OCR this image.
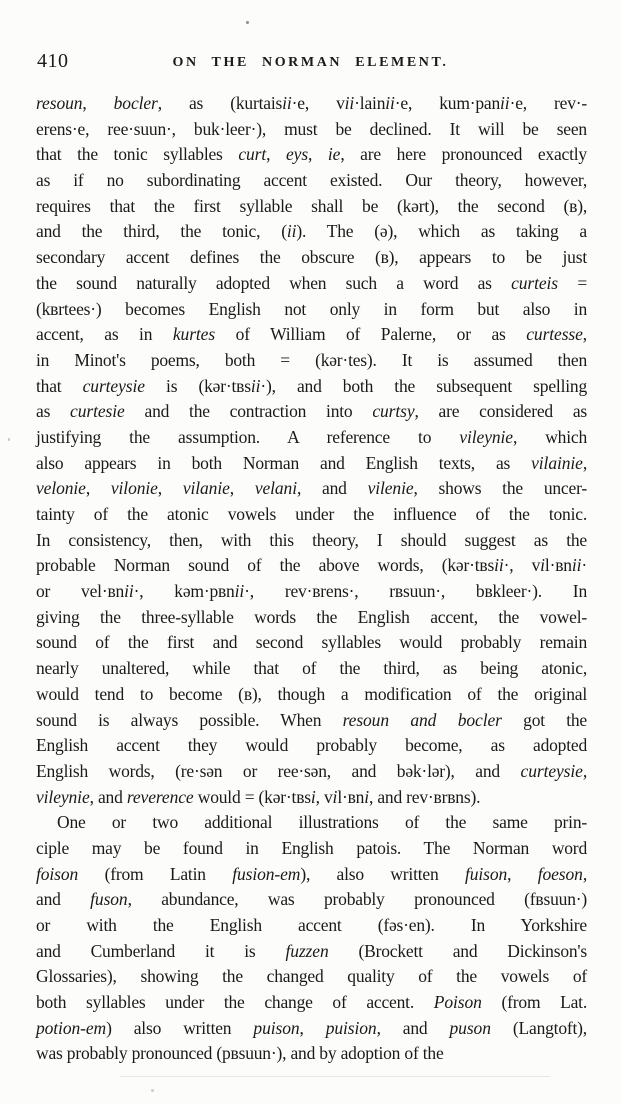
410	ON THE NORMAN ELEMENT.
resoun, bocler, as (kurtaisii·e, vii·lainii·e, kum·panii·e, rev·-
erens·e, ree·suun·, buk·leer·), must be declined. It will be seen
that the tonic syllables curt, eys, ie, are here pronounced exactly
as if no subordinating accent existed. Our theory, however,
requires that the first syllable shall be (kərt), the second (ʙ),
and the third, the tonic, (ii). The (ə), which as taking a
secondary accent defines the obscure (ʙ), appears to be just
the sound naturally adopted when such a word as curteis =
(kʙrtees·) becomes English not only in form but also in
accent, as in kurtes of William of Palerne, or as curtesse,
in Minot's poems, both = (kər·tes). It is assumed then
that curteysie is (kər·tʙsii·), and both the subsequent spelling
as curtesie and the contraction into curtsy, are considered as
justifying the assumption. A reference to vileynie, which
also appears in both Norman and English texts, as vilainie,
velonie, vilonie, vilanie, velani, and vilenie, shows the uncer-
tainty of the atonic vowels under the influence of the tonic.
In consistency, then, with this theory, I should suggest as the
probable Norman sound of the above words, (kər·tʙsii·, vil·ʙnii·
or vel·ʙnii·, kəm·pʙnii·, rev·ʙrens·, rʙsuun·, bʙkleer·). In
giving the three-syllable words the English accent, the vowel-
sound of the first and second syllables would probably remain
nearly unaltered, while that of the third, as being atonic,
would tend to become (ʙ), though a modification of the original
sound is always possible. When resoun and bocler got the
English accent they would probably become, as adopted
English words, (re·sən or ree·sən, and bək·lər), and curteysie,
vileynie, and reverence would = (kər·tʙsi, vil·ʙni, and rev·ʙrʙns).
One or two additional illustrations of the same prin-
ciple may be found in English patois. The Norman word
foison (from Latin fusion-em), also written fuison, foeson,
and fuson, abundance, was probably pronounced (fʙsuun·)
or with the English accent (fəs·en). In Yorkshire
and Cumberland it is fuzzen (Brockett and Dickinson's
Glossaries), showing the changed quality of the vowels of
both syllables under the change of accent. Poison (from Lat.
potion-em) also written puison, puision, and puson (Langtoft),
was probably pronounced (pʙsuun·), and by adoption of the
